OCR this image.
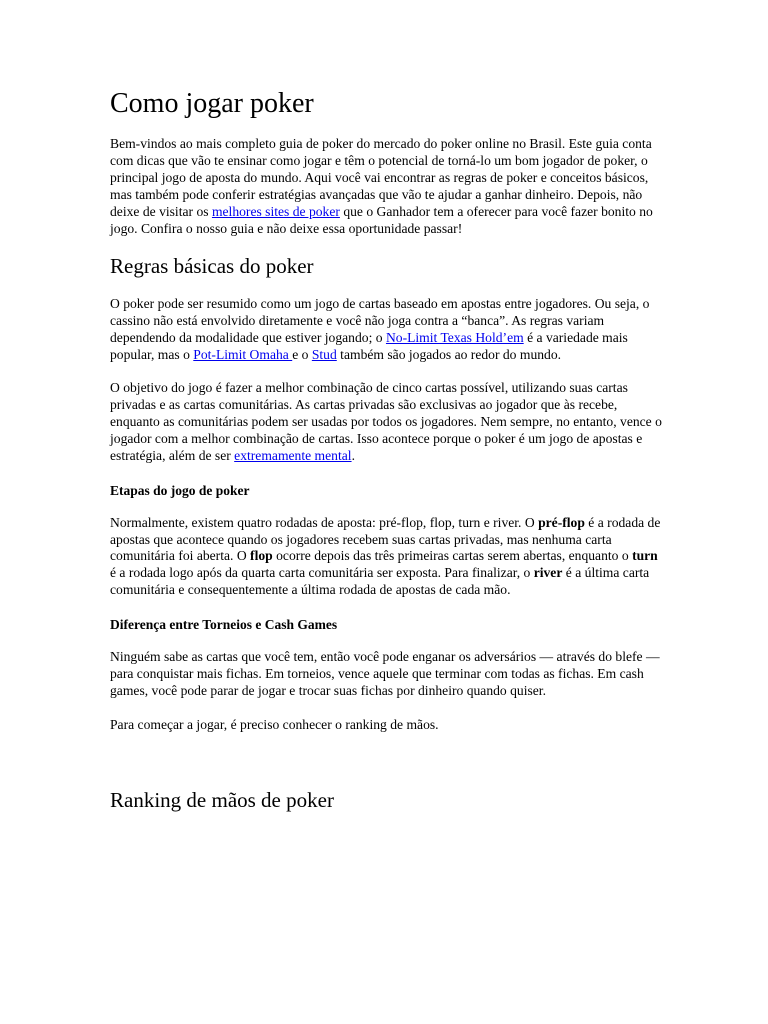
Como jogar poker

Bem-vindos ao mais completo guia de poker do mercado do poker online no Brasil. Este guia conta com dicas que vão te ensinar como jogar e têm o potencial de torná-lo um bom jogador de poker, o principal jogo de aposta do mundo. Aqui você vai encontrar as regras de poker e conceitos básicos, mas também pode conferir estratégias avançadas que vão te ajudar a ganhar dinheiro. Depois, não deixe de visitar os melhores sites de poker que o Ganhador tem a oferecer para você fazer bonito no jogo. Confira o nosso guia e não deixe essa oportunidade passar!

Regras básicas do poker

O poker pode ser resumido como um jogo de cartas baseado em apostas entre jogadores. Ou seja, o cassino não está envolvido diretamente e você não joga contra a “banca”. As regras variam dependendo da modalidade que estiver jogando; o No-Limit Texas Hold’em é a variedade mais popular, mas o Pot-Limit Omaha e o Stud também são jogados ao redor do mundo.

O objetivo do jogo é fazer a melhor combinação de cinco cartas possível, utilizando suas cartas privadas e as cartas comunitárias. As cartas privadas são exclusivas ao jogador que às recebe, enquanto as comunitárias podem ser usadas por todos os jogadores. Nem sempre, no entanto, vence o jogador com a melhor combinação de cartas. Isso acontece porque o poker é um jogo de apostas e estratégia, além de ser extremamente mental.

Etapas do jogo de poker

Normalmente, existem quatro rodadas de aposta: pré-flop, flop, turn e river. O pré-flop é a rodada de apostas que acontece quando os jogadores recebem suas cartas privadas, mas nenhuma carta comunitária foi aberta. O flop ocorre depois das três primeiras cartas serem abertas, enquanto o turn é a rodada logo após da quarta carta comunitária ser exposta. Para finalizar, o river é a última carta comunitária e consequentemente a última rodada de apostas de cada mão.

Diferença entre Torneios e Cash Games

Ninguém sabe as cartas que você tem, então você pode enganar os adversários — através do blefe — para conquistar mais fichas. Em torneios, vence aquele que terminar com todas as fichas. Em cash games, você pode parar de jogar e trocar suas fichas por dinheiro quando quiser.

Para começar a jogar, é preciso conhecer o ranking de mãos.

Ranking de mãos de poker
